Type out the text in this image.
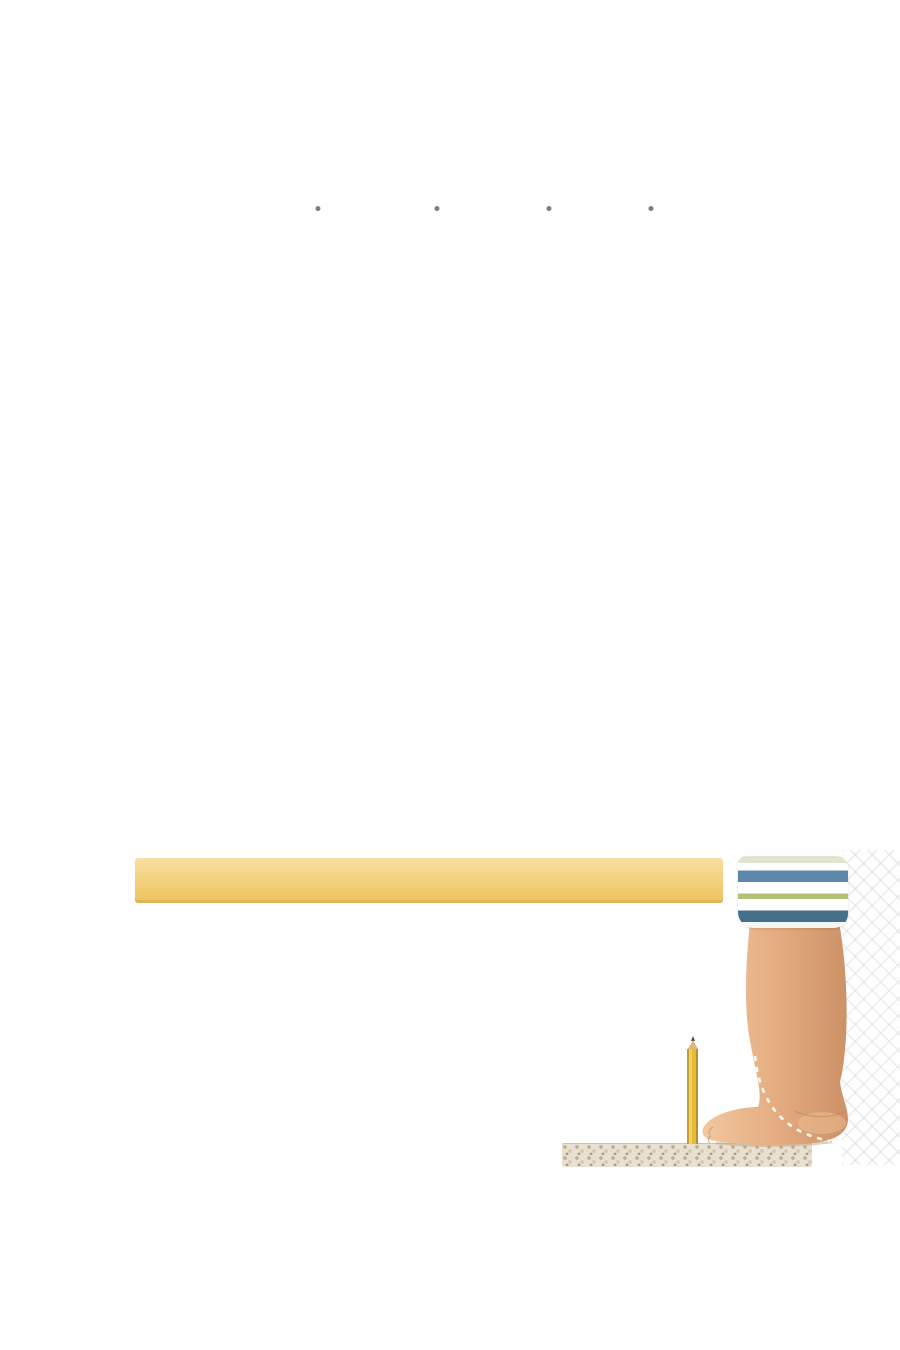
•	•	•	•
